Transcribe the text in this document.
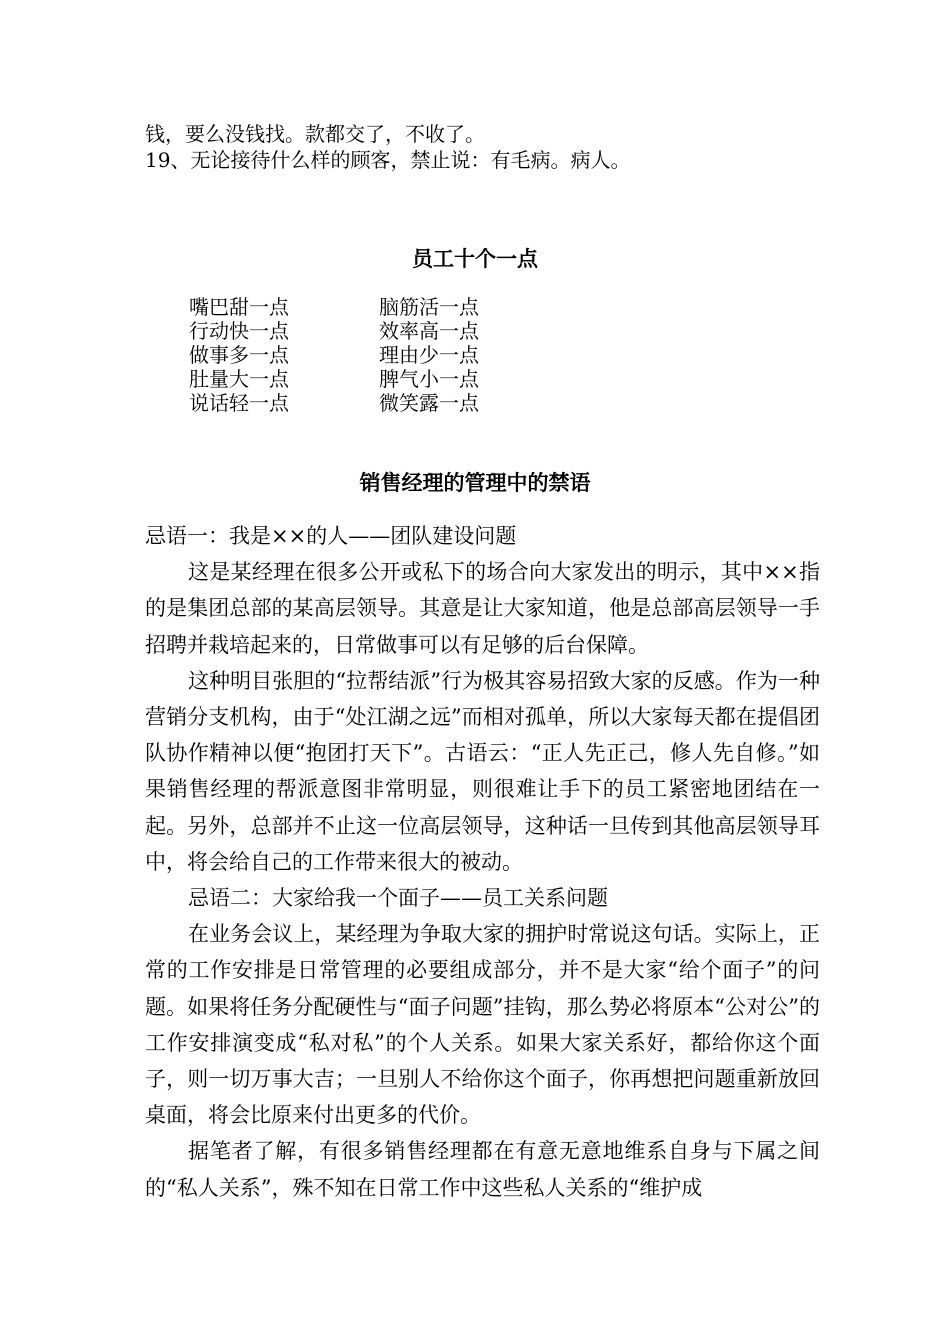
钱，要么没钱找。款都交了，不收了。
19、无论接待什么样的顾客，禁止说：有毛病。病人。
员工十个一点
嘴巴甜一点	脑筋活一点
行动快一点	效率高一点
做事多一点	理由少一点
肚量大一点	脾气小一点
说话轻一点	微笑露一点
销售经理的管理中的禁语

忌语一：我是××的人——团队建设问题

这是某经理在很多公开或私下的场合向大家发出的明示，其中××指的是集团总部的某高层领导。其意是让大家知道，他是总部高层领导一手招聘并栽培起来的，日常做事可以有足够的后台保障。

这种明目张胆的“拉帮结派”行为极其容易招致大家的反感。作为一种营销分支机构，由于“处江湖之远”而相对孤单，所以大家每天都在提倡团队协作精神以便“抱团打天下”。古语云：“正人先正己，修人先自修。”如果销售经理的帮派意图非常明显，则很难让手下的员工紧密地团结在一起。另外，总部并不止这一位高层领导，这种话一旦传到其他高层领导耳中，将会给自己的工作带来很大的被动。

忌语二：大家给我一个面子——员工关系问题

在业务会议上，某经理为争取大家的拥护时常说这句话。实际上，正常的工作安排是日常管理的必要组成部分，并不是大家“给个面子”的问题。如果将任务分配硬性与“面子问题”挂钩，那么势必将原本“公对公”的工作安排演变成“私对私”的个人关系。如果大家关系好，都给你这个面子，则一切万事大吉；一旦别人不给你这个面子，你再想把问题重新放回桌面，将会比原来付出更多的代价。

据笔者了解，有很多销售经理都在有意无意地维系自身与下属之间的“私人关系”，殊不知在日常工作中这些私人关系的“维护成
